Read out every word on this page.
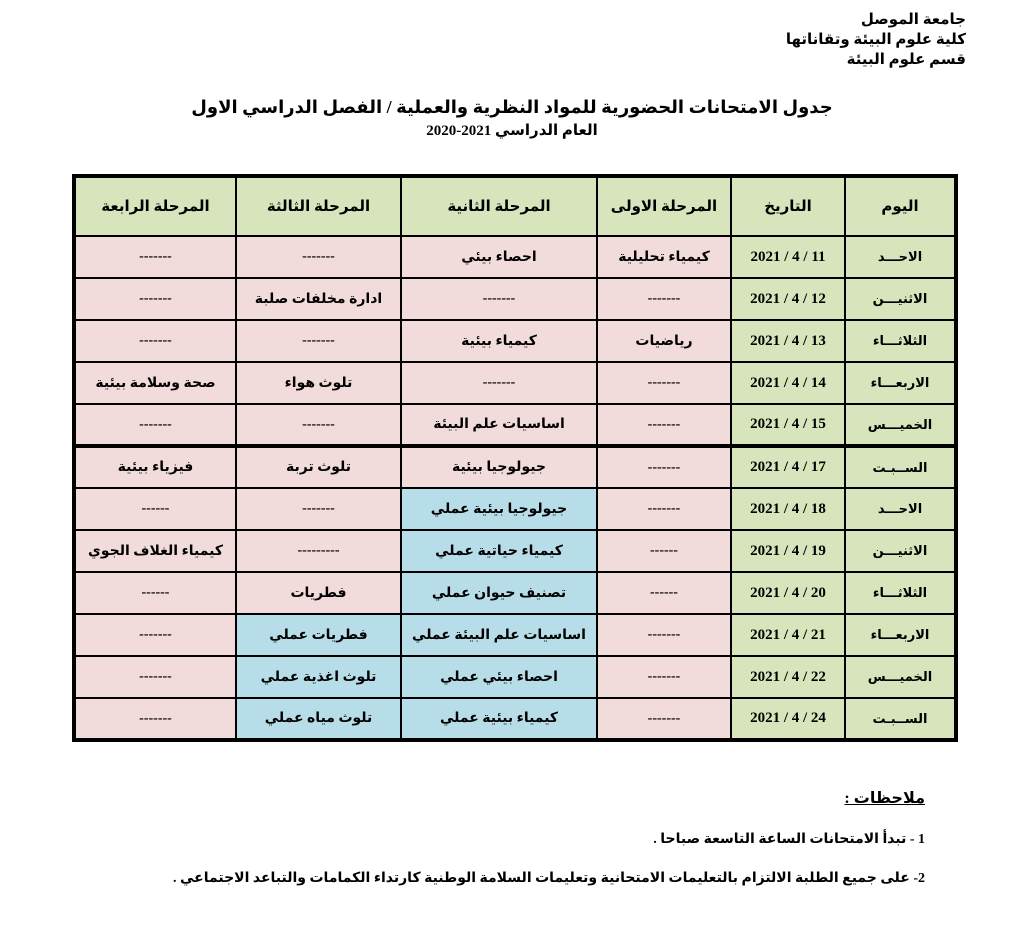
جامعة الموصل
كلية علوم البيئة وتقاناتها
قسم علوم البيئة
جدول الامتحانات الحضورية للمواد النظرية والعملية / الفصل الدراسي الاول
العام الدراسي 2021-2020
اليوم	التاريخ	المرحلة الاولى	المرحلة الثانية	المرحلة الثالثة	المرحلة الرابعة
الاحـــد	2021 / 4 / 11	كيمياء تحليلية	احصاء بيئي	-------	-------
الاثنيـــن	2021 / 4 / 12	-------	-------	ادارة مخلفات صلبة	-------
الثلاثـــاء	2021 / 4 / 13	رياضيات	كيمياء بيئية	-------	-------
الاربعـــاء	2021 / 4 / 14	-------	-------	تلوث هواء	صحة وسلامة بيئية
الخميـــس	2021 / 4 / 15	-------	اساسيات علم البيئة	-------	-------
الســبـت	2021 / 4 / 17	-------	جيولوجيا بيئية	تلوث تربة	فيزياء بيئية
الاحـــد	2021 / 4 / 18	-------	جيولوجيا بيئية عملي	-------	------
الاثنيـــن	2021 / 4 / 19	------	كيمياء حياتية عملي	---------	كيمياء الغلاف الجوي
الثلاثـــاء	2021 / 4 / 20	------	تصنيف حيوان عملي	فطريات	------
الاربعـــاء	2021 / 4 / 21	-------	اساسيات علم البيئة عملي	فطريات عملي	-------
الخميـــس	2021 / 4 / 22	-------	احصاء بيئي عملي	تلوث اغذية عملي	-------
الســبـت	2021 / 4 / 24	-------	كيمياء بيئية عملي	تلوث مياه عملي	-------
ملاحظات :
1 - تبدأ الامتحانات الساعة التاسعة صباحا .
2- على جميع الطلبة الالتزام بالتعليمات الامتحانية وتعليمات السلامة الوطنية كارتداء الكمامات والتباعد الاجتماعي .
